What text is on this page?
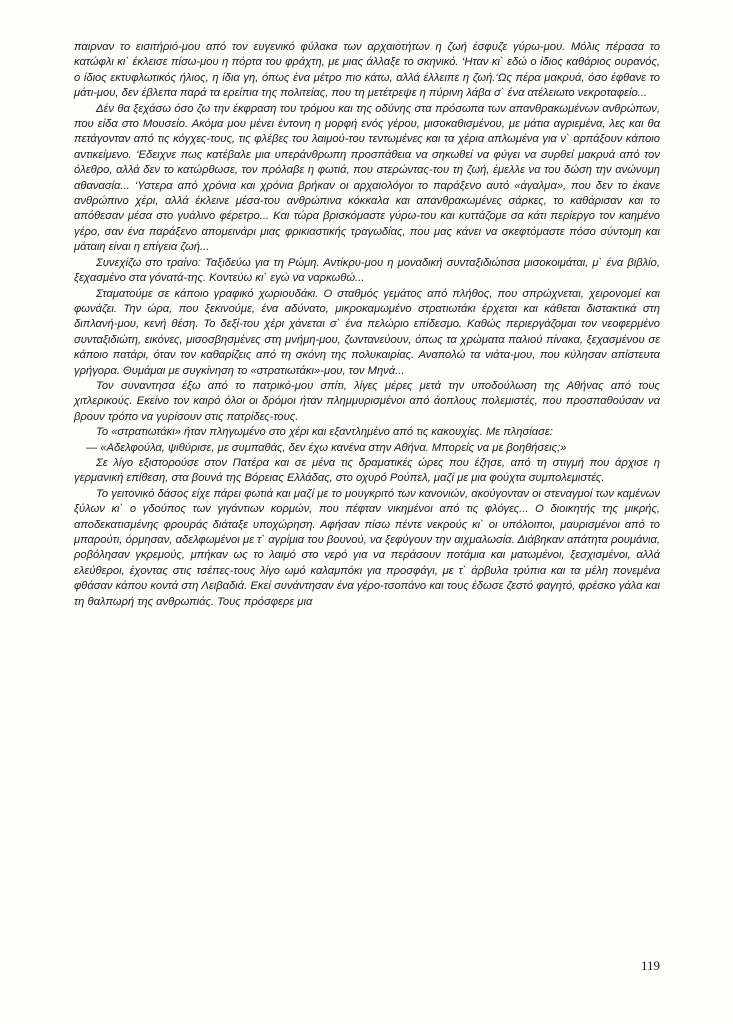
παιρναν το εισιτήριό-μου από τον ευγενικό φύλακα των αρχαιοτήτων η ζωή έσφυζε γύρω-μου. Μόλις πέρασα το κατώφλι κι` έκλεισε πίσω-μου η πόρτα του φράχτη, με μιας άλλαξε το σκηνικό. ‘Ηταν κι` εδώ ο ίδιος καθάριος ουρανός, ο ίδιος εκτυφλωτικός ήλιος, η ίδια γη, όπως ένα μέτρο πιο κάτω, αλλά έλλειπε η ζωή.‘Ως πέρα μακρυά, όσο έφθανε το μάτι-μου, δεν έβλεπα παρά τα ερείπια της πολιτείας, που τη μετέτρεψε η πύρινη λάβα σ` ένα ατέλειωτο νεκροταφείο...

Δέν θα ξεχάσω όσο ζω την έκφραση του τρόμου και της οδύνης στα πρόσωπα των απανθρακωμένων ανθρώπων, που είδα στο Μουσείο. Ακόμα μου μένει έντονη η μορφή ενός γέρου, μισοκαθισμένου, με μάτια αγριεμένα, λες και θα πετάγονταν από τις κόγχες-τους, τις φλέβες του λαιμού-του τεντωμένες και τα χέρια απλωμένα για ν` αρπάξουν κάποιο αντικείμενο. ‘Εδειχνε πως κατέβαλε μια υπεράνθρωπη προσπάθεια να σηκωθεί να φύγει να συρθεί μακρυά από τον όλεθρο, αλλά δεν το κατώρθωσε, τον πρόλαβε η φωτιά, που στερώντας-του τη ζωή, έμελλε να του δώση την ανώνυμη αθανασία... ‘Υστερα από χρόνια και χρόνια βρήκαν οι αρχαιολόγοι το παράξενο αυτό «άγαλμα», που δεν το έκανε ανθρώπινο χέρι, αλλά έκλεινε μέσα-του ανθρώπινα κόκκαλα και απανθρακωμένες σάρκες, το καθάρισαν και το απόθεσαν μέσα στο γυάλινο φέρετρο... Και τώρα βρισκόμαστε γύρω-του και κυττάζομε σα κάτι περίεργο τον καημένο γέρο, σαν ένα παράξενο απομεινάρι μιας φρικιαστικής τραγωδίας, που μας κάνει να σκεφτόμαστε πόσο σύντομη και μάταιη είναι η επίγεια ζωή...

Συνεχίζω στο τραίνο: Ταξιδεύω για τη Ρώμη. Αντίκρυ-μου η μοναδική συνταξιδιώτισα μισοκοιμάται, μ` ένα βιβλίο, ξεχασμένο στα γόνατά-της. Κοντεύω κι` εγώ να ναρκωθώ...

Σταματούμε σε κάποιο γραφικό χωριουδάκι. Ο σταθμός γεμάτος από πλήθος, που σπρώχνεται, χειρονομεί και φωνάζει. Την ώρα, που ξεκινούμε, ένα αδύνατο, μικροκαμωμένο στρατιωτάκι έρχεται και κάθεται διστακτικά στη διπλανή-μου, κενή θέση. Το δεξί-του χέρι χάνεται σ` ένα πελώριο επίδεσμο. Καθώς περιεργάζομαι τον νεοφερμένο συνταξιδιώτη, εικόνες, μισοσβησμένες στη μνήμη-μου, ζωντανεύουν, όπως τα χρώματα παλιού πίνακα, ξεχασμένου σε κάποιο πατάρι, όταν τον καθαρίζεις από τη σκόνη της πολυκαιρίας. Αναπολώ τα νιάτα-μου, που κύλησαν απίστευτα γρήγορα. Θυμάμαι με συγκίνηση το «στρατιωτάκι»-μου, τον Μηνά...

Τον συναντησα έξω από το πατρικό-μου σπίτι, λίγες μέρες μετά την υποδούλωση της Αθήνας από τους χιτλερικούς. Εκείνο τον καιρό όλοι οι δρόμοι ήταν πλημμυρισμένοι από άοπλους πολεμιστές, που προσπαθούσαν να βρουν τρόπο να γυρίσουν στις πατρίδες-τους.

Το «στρατιωτάκι» ήταν πληγωμένο στο χέρι και εξαντλημένο από τις κακουχίες. Με πλησίασε:

— «Αδελφούλα, ψιθύρισε, με συμπαθάς, δεν έχω κανένα στην Αθήνα. Μπορείς να με βοηθήσεις;»

Σε λίγο εξιστορούσε στον Πατέρα και σε μένα τις δραματικές ώρες που έζησε, από τη στιγμή που άρχισε η γερμανική επίθεση, στα βουνά της Βόρειας Ελλάδας, στο οχυρό Ρούπελ, μαζί με μια φούχτα συμπολεμιστές.

Το γειτονικό δάσος είχε πάρει φωτιά και μαζί με το μουγκριτό των κανονιών, ακούγονταν οι στεναγμοί των καμένων ξύλων κι` ο γδούπος των γιγάντιων κορμών, που πέφταν νικημένοι από τις φλόγες... Ο διοικητής της μικρής, αποδεκατισμένης φρουράς διάταξε υποχώρηση. Αφήσαν πίσω πέντε νεκρούς κι` οι υπόλοιποι, μαυρισμένοι από το μπαρούτι, όρμησαν, αδελφωμένοι με τ` αγρίμια του βουνού, να ξεφύγουν την αιχμαλωσία. Διάβηκαν απάτητα ρουμάνια, ροβόλησαν γκρεμούς, μπήκαν ως το λαιμό στο νερό για να περάσουν ποτάμια και ματωμένοι, ξεσχισμένοι, αλλά ελεύθεροι, έχοντας στις τσέπες-τους λίγο ωμό καλαμπόκι για προσφάγι, με τ` άρβυλα τρύπια και τα μέλη πονεμένα φθάσαν κάπου κοντά στη Λειβαδιά. Εκεί συνάντησαν ένα γέρο-τσοπάνο και τους έδωσε ζεστό φαγητό, φρέσκο γάλα και τη θαλπωρή της ανθρωπιάς. Τους πρόσφερε μια

119
